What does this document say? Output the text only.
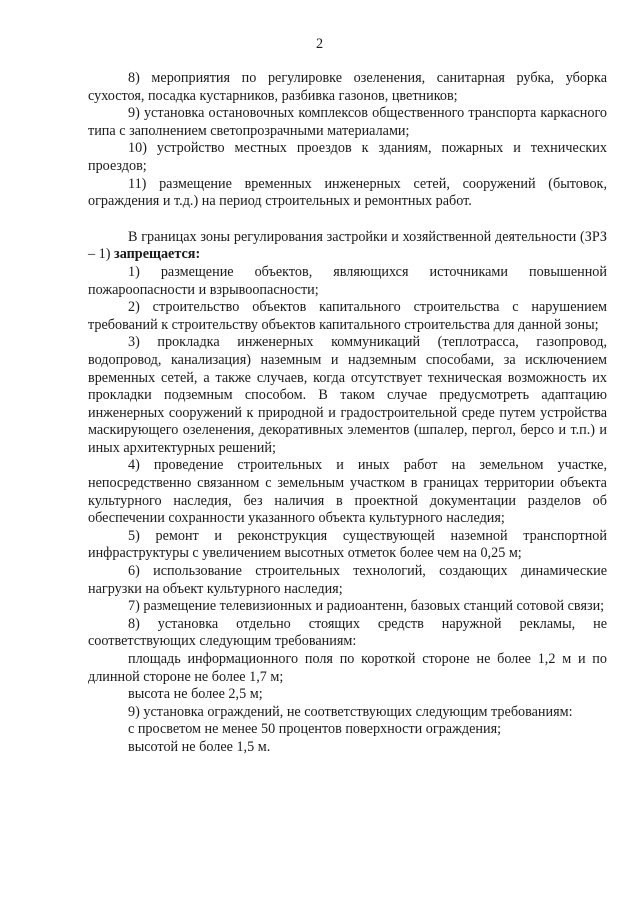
2

8) мероприятия по регулировке озеленения, санитарная рубка, уборка сухостоя, посадка кустарников, разбивка газонов, цветников;

9) установка остановочных комплексов общественного транспорта каркасного типа с заполнением светопрозрачными материалами;

10) устройство местных проездов к зданиям, пожарных и технических проездов;

11) размещение временных инженерных сетей, сооружений (бытовок, ограждения и т.д.) на период строительных и ремонтных работ.

В границах зоны регулирования застройки и хозяйственной деятельности (ЗРЗ – 1) запрещается:

1) размещение объектов, являющихся источниками повышенной пожароопасности и взрывоопасности;

2) строительство объектов капитального строительства с нарушением требований к строительству объектов капитального строительства для данной зоны;

3) прокладка инженерных коммуникаций (теплотрасса, газопровод, водопровод, канализация) наземным и надземным способами, за исключением временных сетей, а также случаев, когда отсутствует техническая возможность их прокладки подземным способом. В таком случае предусмотреть адаптацию инженерных сооружений к природной и градостроительной среде путем устройства маскирующего озеленения, декоративных элементов (шпалер, пергол, берсо и т.п.) и иных архитектурных решений;

4) проведение строительных и иных работ на земельном участке, непосредственно связанном с земельным участком в границах территории объекта культурного наследия, без наличия в проектной документации разделов об обеспечении сохранности указанного объекта культурного наследия;

5) ремонт и реконструкция существующей наземной транспортной инфраструктуры с увеличением высотных отметок более чем на 0,25 м;

6) использование строительных технологий, создающих динамические нагрузки на объект культурного наследия;

7) размещение телевизионных и радиоантенн, базовых станций сотовой связи;

8) установка отдельно стоящих средств наружной рекламы, не соответствующих следующим требованиям:

площадь информационного поля по короткой стороне не более 1,2 м и по длинной стороне не более 1,7 м;

высота не более 2,5 м;

9) установка ограждений, не соответствующих следующим требованиям:

с просветом не менее 50 процентов поверхности ограждения;

высотой не более 1,5 м.
